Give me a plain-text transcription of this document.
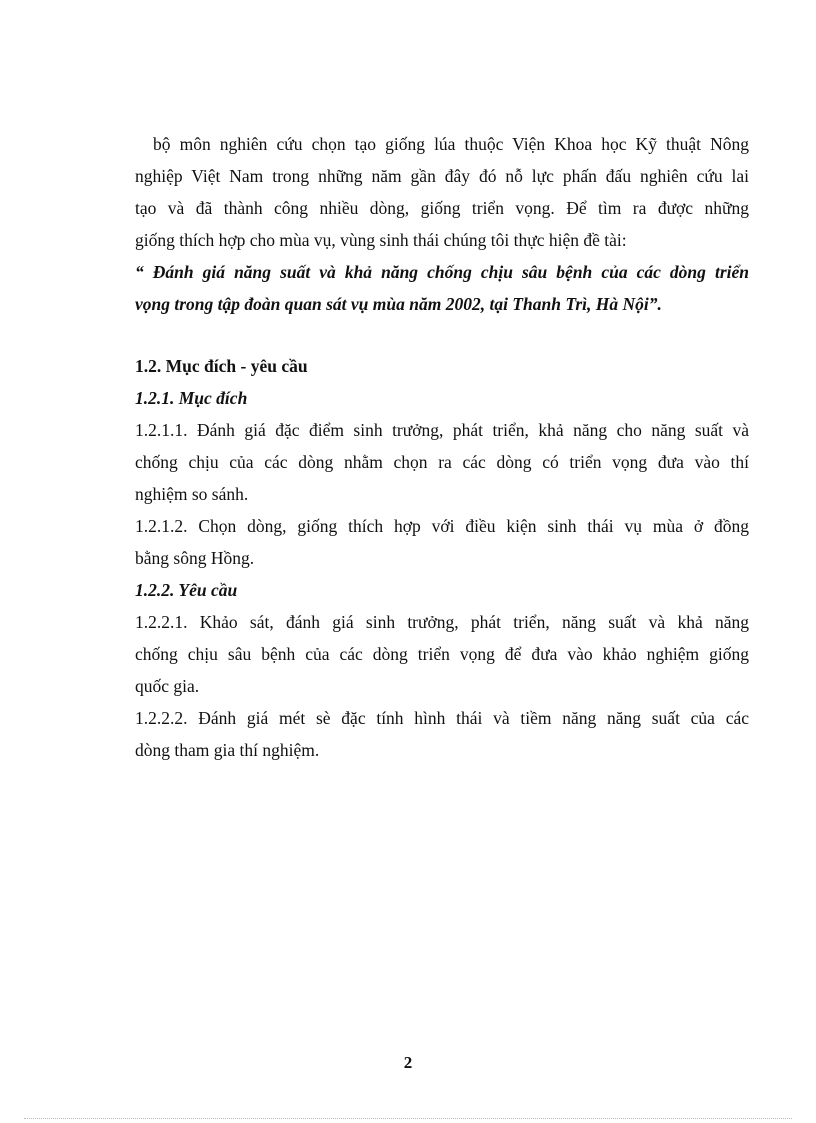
bộ môn nghiên cứu chọn tạo giống lúa thuộc Viện Khoa học Kỹ thuật Nông
nghiệp Việt Nam trong những năm gần đây đó nỗ lực phấn đấu nghiên cứu lai
tạo và đã thành công nhiều dòng, giống triển vọng. Để tìm ra được những
giống thích hợp cho mùa vụ, vùng sinh thái chúng tôi thực hiện đề tài:
“ Đánh giá năng suất và khả năng chống chịu sâu bệnh của các dòng triển
vọng trong tập đoàn quan sát vụ mùa năm 2002, tại Thanh Trì, Hà Nội”.
1.2. Mục đích - yêu cầu
1.2.1. Mục đích
1.2.1.1. Đánh giá đặc điểm sinh trưởng, phát triển, khả năng cho năng suất và
chống chịu của các dòng nhằm chọn ra các dòng có triển vọng đưa vào thí
nghiệm so sánh.
1.2.1.2. Chọn dòng, giống thích hợp với điều kiện sinh thái vụ mùa ở đồng
bằng sông Hồng.
1.2.2. Yêu cầu
1.2.2.1. Khảo sát, đánh giá sinh trưởng, phát triển, năng suất và khả năng
chống chịu sâu bệnh của các dòng triển vọng để đưa vào khảo nghiệm giống
quốc gia.
1.2.2.2. Đánh giá mét sè đặc tính hình thái và tiềm năng năng suất của các
dòng tham gia thí nghiệm.
2
